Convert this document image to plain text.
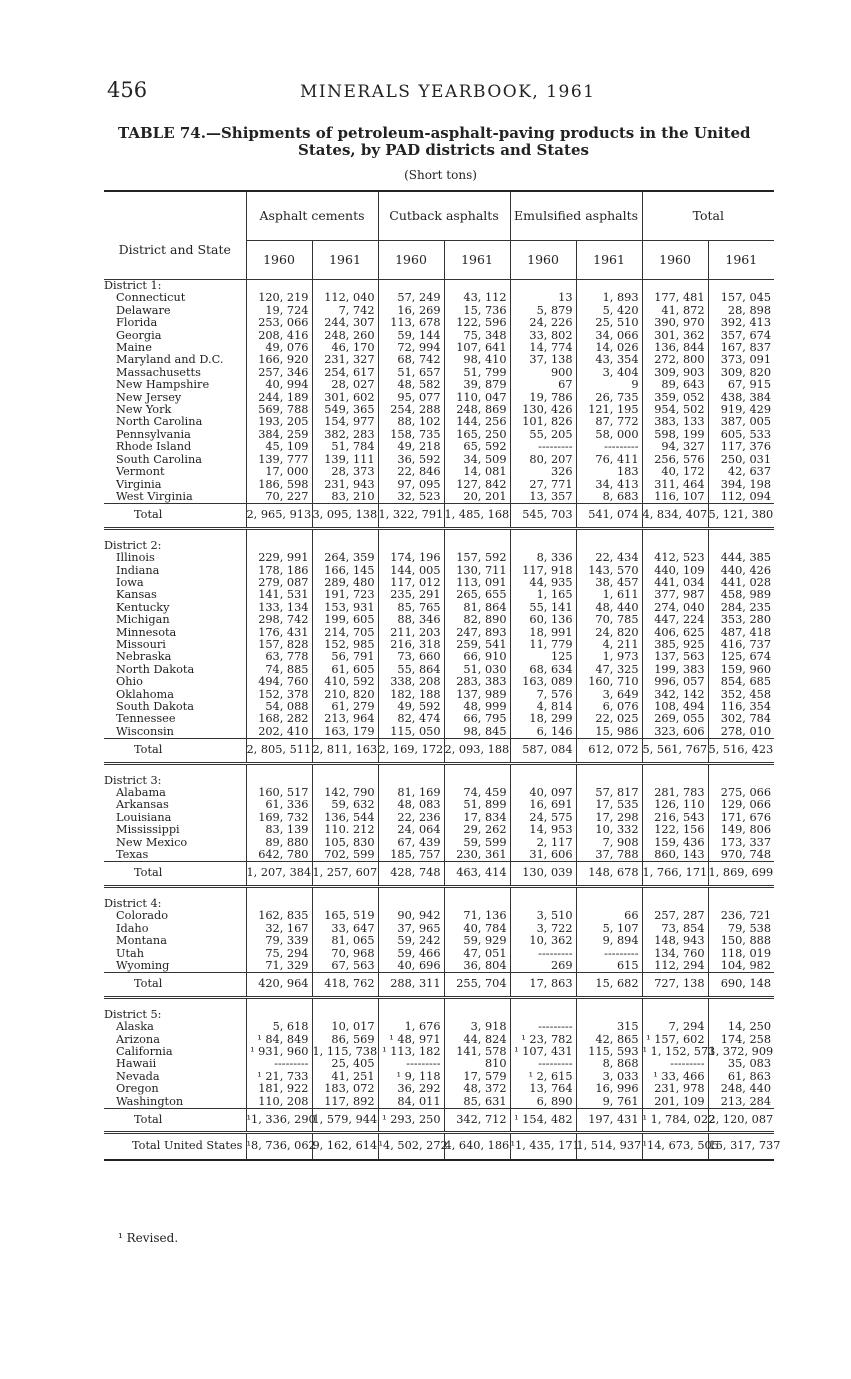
456	MINERALS YEARBOOK, 1961
TABLE 74.—Shipments of petroleum-asphalt-paving products in the United
States, by PAD districts and States
(Short tons)
District and State	Asphalt cements		Cutback asphalts		Emulsified asphalts		Total	
	1960	1961	1960	1961	1960	1961	1960	1961
District 1:								
Connecticut	120, 219	112, 040	57, 249	43, 112	13	1, 893	177, 481	157, 045
Delaware	19, 724	7, 742	16, 269	15, 736	5, 879	5, 420	41, 872	28, 898
Florida	253, 066	244, 307	113, 678	122, 596	24, 226	25, 510	390, 970	392, 413
Georgia	208, 416	248, 260	59, 144	75, 348	33, 802	34, 066	301, 362	357, 674
Maine	49, 076	46, 170	72, 994	107, 641	14, 774	14, 026	136, 844	167, 837
Maryland and D.C.	166, 920	231, 327	68, 742	98, 410	37, 138	43, 354	272, 800	373, 091
Massachusetts	257, 346	254, 617	51, 657	51, 799	900	3, 404	309, 903	309, 820
New Hampshire	40, 994	28, 027	48, 582	39, 879	67	9	89, 643	67, 915
New Jersey	244, 189	301, 602	95, 077	110, 047	19, 786	26, 735	359, 052	438, 384
New York	569, 788	549, 365	254, 288	248, 869	130, 426	121, 195	954, 502	919, 429
North Carolina	193, 205	154, 977	88, 102	144, 256	101, 826	87, 772	383, 133	387, 005
Pennsylvania	384, 259	382, 283	158, 735	165, 250	55, 205	58, 000	598, 199	605, 533
Rhode Island	45, 109	51, 784	49, 218	65, 592	---------	---------	94, 327	117, 376
South Carolina	139, 777	139, 111	36, 592	34, 509	80, 207	76, 411	256, 576	250, 031
Vermont	17, 000	28, 373	22, 846	14, 081	326	183	40, 172	42, 637
Virginia	186, 598	231, 943	97, 095	127, 842	27, 771	34, 413	311, 464	394, 198
West Virginia	70, 227	83, 210	32, 523	20, 201	13, 357	8, 683	116, 107	112, 094
Total	2, 965, 913	3, 095, 138	1, 322, 791	1, 485, 168	545, 703	541, 074	4, 834, 407	5, 121, 380

District 2:								
Illinois	229, 991	264, 359	174, 196	157, 592	8, 336	22, 434	412, 523	444, 385
Indiana	178, 186	166, 145	144, 005	130, 711	117, 918	143, 570	440, 109	440, 426
Iowa	279, 087	289, 480	117, 012	113, 091	44, 935	38, 457	441, 034	441, 028
Kansas	141, 531	191, 723	235, 291	265, 655	1, 165	1, 611	377, 987	458, 989
Kentucky	133, 134	153, 931	85, 765	81, 864	55, 141	48, 440	274, 040	284, 235
Michigan	298, 742	199, 605	88, 346	82, 890	60, 136	70, 785	447, 224	353, 280
Minnesota	176, 431	214, 705	211, 203	247, 893	18, 991	24, 820	406, 625	487, 418
Missouri	157, 828	152, 985	216, 318	259, 541	11, 779	4, 211	385, 925	416, 737
Nebraska	63, 778	56, 791	73, 660	66, 910	125	1, 973	137, 563	125, 674
North Dakota	74, 885	61, 605	55, 864	51, 030	68, 634	47, 325	199, 383	159, 960
Ohio	494, 760	410, 592	338, 208	283, 383	163, 089	160, 710	996, 057	854, 685
Oklahoma	152, 378	210, 820	182, 188	137, 989	7, 576	3, 649	342, 142	352, 458
South Dakota	54, 088	61, 279	49, 592	48, 999	4, 814	6, 076	108, 494	116, 354
Tennessee	168, 282	213, 964	82, 474	66, 795	18, 299	22, 025	269, 055	302, 784
Wisconsin	202, 410	163, 179	115, 050	98, 845	6, 146	15, 986	323, 606	278, 010
Total	2, 805, 511	2, 811, 163	2, 169, 172	2, 093, 188	587, 084	612, 072	5, 561, 767	5, 516, 423

District 3:								
Alabama	160, 517	142, 790	81, 169	74, 459	40, 097	57, 817	281, 783	275, 066
Arkansas	61, 336	59, 632	48, 083	51, 899	16, 691	17, 535	126, 110	129, 066
Louisiana	169, 732	136, 544	22, 236	17, 834	24, 575	17, 298	216, 543	171, 676
Mississippi	83, 139	110. 212	24, 064	29, 262	14, 953	10, 332	122, 156	149, 806
New Mexico	89, 880	105, 830	67, 439	59, 599	2, 117	7, 908	159, 436	173, 337
Texas	642, 780	702, 599	185, 757	230, 361	31, 606	37, 788	860, 143	970, 748
Total	1, 207, 384	1, 257, 607	428, 748	463, 414	130, 039	148, 678	1, 766, 171	1, 869, 699

District 4:								
Colorado	162, 835	165, 519	90, 942	71, 136	3, 510	66	257, 287	236, 721
Idaho	32, 167	33, 647	37, 965	40, 784	3, 722	5, 107	73, 854	79, 538
Montana	79, 339	81, 065	59, 242	59, 929	10, 362	9, 894	148, 943	150, 888
Utah	75, 294	70, 968	59, 466	47, 051	---------	---------	134, 760	118, 019
Wyoming	71, 329	67, 563	40, 696	36, 804	269	615	112, 294	104, 982
Total	420, 964	418, 762	288, 311	255, 704	17, 863	15, 682	727, 138	690, 148

District 5:								
Alaska	5, 618	10, 017	1, 676	3, 918	---------	315	7, 294	14, 250
Arizona	¹ 84, 849	86, 569	¹ 48, 971	44, 824	¹ 23, 782	42, 865	¹ 157, 602	174, 258
California	¹ 931, 960	1, 115, 738	¹ 113, 182	141, 578	¹ 107, 431	115, 593	¹ 1, 152, 573	1, 372, 909
Hawaii	---------	25, 405	---------	810	---------	8, 868	---------	35, 083
Nevada	¹ 21, 733	41, 251	¹ 9, 118	17, 579	¹ 2, 615	3, 033	¹ 33, 466	61, 863
Oregon	181, 922	183, 072	36, 292	48, 372	13, 764	16, 996	231, 978	248, 440
Washington	110, 208	117, 892	84, 011	85, 631	6, 890	9, 761	201, 109	213, 284
Total	¹1, 336, 290	1, 579, 944	¹ 293, 250	342, 712	¹ 154, 482	197, 431	¹ 1, 784, 022	2, 120, 087
Total United States	¹8, 736, 062	9, 162, 614	¹4, 502, 272	4, 640, 186	¹1, 435, 171	1, 514, 937	¹14, 673, 505	15, 317, 737
¹ Revised.
